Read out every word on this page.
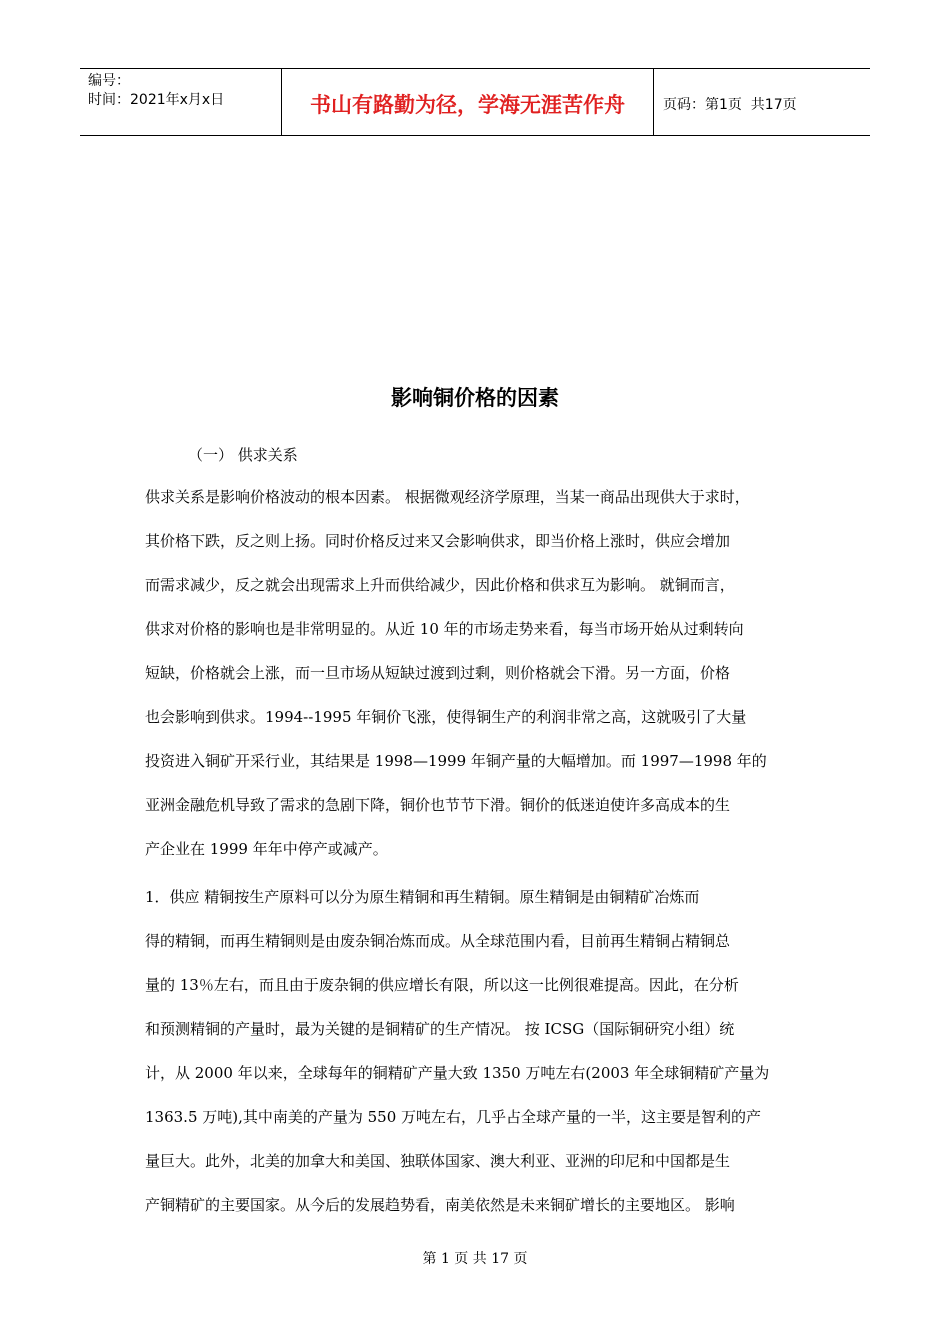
编号：
时间：2021年x月x日	书山有路勤为径，学海无涯苦作舟	页码：第1页  共17页
影响铜价格的因素
（一） 供求关系
供求关系是影响价格波动的根本因素。 根据微观经济学原理，当某一商品出现供大于求时，
其价格下跌，反之则上扬。同时价格反过来又会影响供求，即当价格上涨时，供应会增加
而需求减少，反之就会出现需求上升而供给减少，因此价格和供求互为影响。 就铜而言，
供求对价格的影响也是非常明显的。从近 10 年的市场走势来看，每当市场开始从过剩转向
短缺，价格就会上涨，而一旦市场从短缺过渡到过剩，则价格就会下滑。另一方面，价格
也会影响到供求。1994--1995 年铜价飞涨，使得铜生产的利润非常之高，这就吸引了大量
投资进入铜矿开采行业，其结果是 1998—1999 年铜产量的大幅增加。而 1997—1998 年的
亚洲金融危机导致了需求的急剧下降，铜价也节节下滑。铜价的低迷迫使许多高成本的生
产企业在 1999 年年中停产或减产。
1．供应 精铜按生产原料可以分为原生精铜和再生精铜。原生精铜是由铜精矿冶炼而
得的精铜，而再生精铜则是由废杂铜冶炼而成。从全球范围内看，目前再生精铜占精铜总
量的 13％左右，而且由于废杂铜的供应增长有限，所以这一比例很难提高。因此，在分析
和预测精铜的产量时，最为关键的是铜精矿的生产情况。 按 ICSG（国际铜研究小组）统
计，从 2000 年以来，全球每年的铜精矿产量大致 1350 万吨左右(2003 年全球铜精矿产量为
1363.5 万吨),其中南美的产量为 550 万吨左右，几乎占全球产量的一半，这主要是智利的产
量巨大。此外，北美的加拿大和美国、独联体国家、澳大利亚、亚洲的印尼和中国都是生
产铜精矿的主要国家。从今后的发展趋势看，南美依然是未来铜矿增长的主要地区。 影响
第 1 页 共 17 页
